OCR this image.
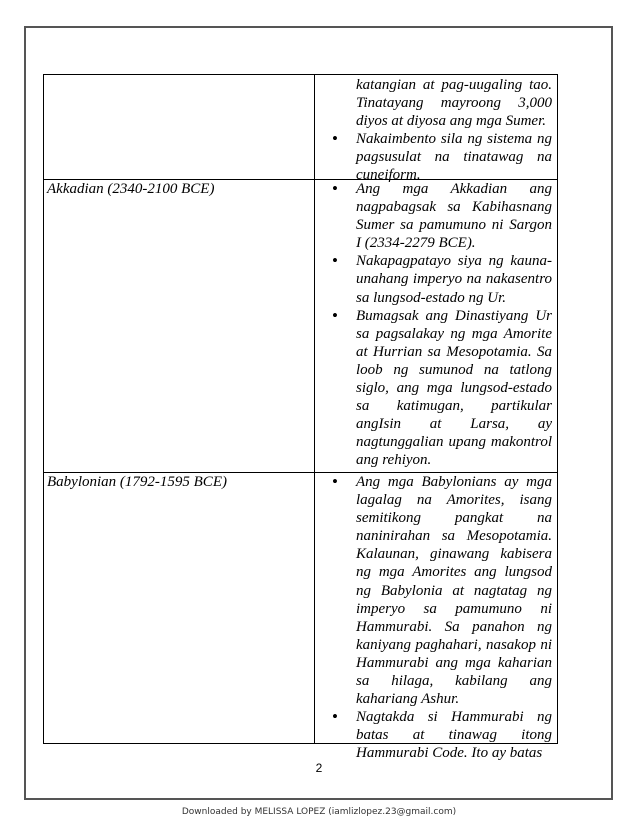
katangian at pag-uugaling tao. Tinatayang mayroong 3,000 diyos at diyosa ang mga Sumer.
• Nakaimbento sila ng sistema ng pagsusulat na tinatawag na cuneiform.
Akkadian (2340-2100 BCE)	• Ang mga Akkadian ang nagpabagsak sa Kabihasnang Sumer sa pamumuno ni Sargon I (2334-2279 BCE).
• Nakapagpatayo siya ng kauna-unahang imperyo na nakasentro sa lungsod-estado ng Ur.
• Bumagsak ang Dinastiyang Ur sa pagsalakay ng mga Amorite at Hurrian sa Mesopotamia. Sa loob ng sumunod na tatlong siglo, ang mga lungsod-estado sa katimugan, partikular angIsin at Larsa, ay nagtunggalian upang makontrol ang rehiyon.
Babylonian (1792-1595 BCE)	• Ang mga Babylonians ay mga lagalag na Amorites, isang semitikong pangkat na naninirahan sa Mesopotamia. Kalaunan, ginawang kabisera ng mga Amorites ang lungsod ng Babylonia at nagtatag ng imperyo sa pamumuno ni Hammurabi. Sa panahon ng kaniyang paghahari, nasakop ni Hammurabi ang mga kaharian sa hilaga, kabilang ang kahariang Ashur.
• Nagtakda si Hammurabi ng batas at tinawag itong Hammurabi Code. Ito ay batas
2
Downloaded by MELISSA LOPEZ (iamlizlopez.23@gmail.com)
